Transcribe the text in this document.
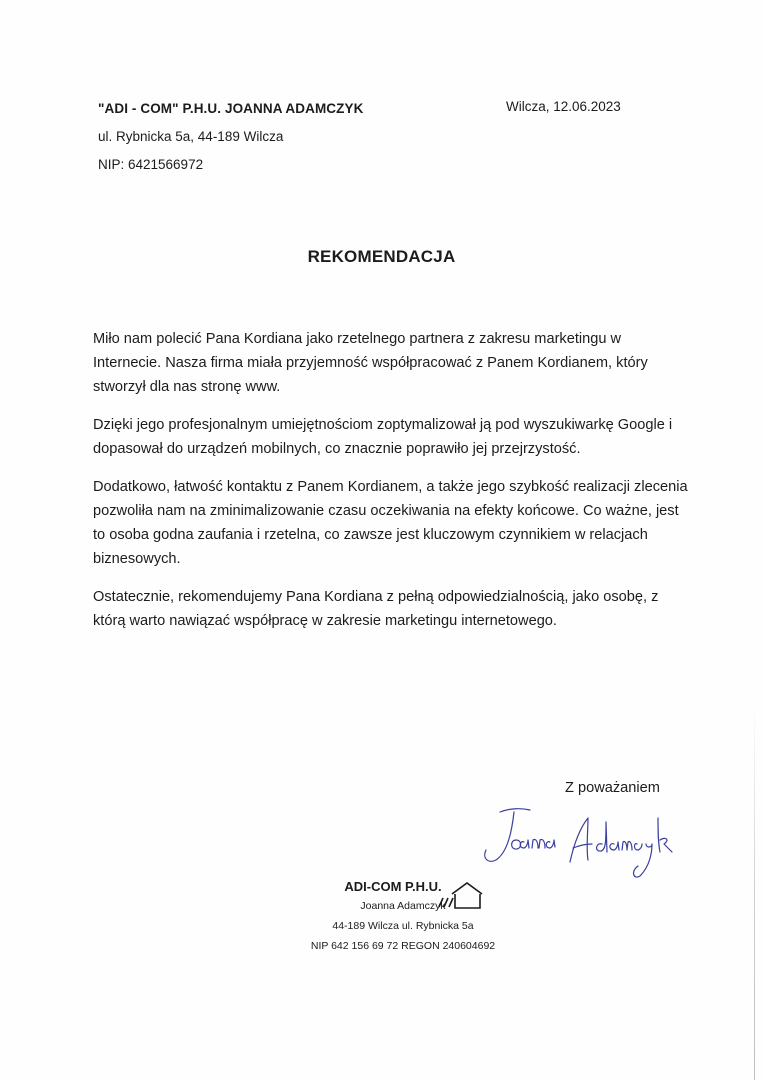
"ADI - COM" P.H.U. JOANNA ADAMCZYK
ul. Rybnicka 5a, 44-189 Wilcza
NIP: 6421566972
Wilcza, 12.06.2023
REKOMENDACJA

Miło nam polecić Pana Kordiana jako rzetelnego partnera z zakresu marketingu w Internecie. Nasza firma miała przyjemność współpracować z Panem Kordianem, który stworzył dla nas stronę www.

Dzięki jego profesjonalnym umiejętnościom zoptymalizował ją pod wyszukiwarkę Google i dopasował do urządzeń mobilnych, co znacznie poprawiło jej przejrzystość.

Dodatkowo, łatwość kontaktu z Panem Kordianem, a także jego szybkość realizacji zlecenia pozwoliła nam na zminimalizowanie czasu oczekiwania na efekty końcowe. Co ważne, jest to osoba godna zaufania i rzetelna, co zawsze jest kluczowym czynnikiem w relacjach biznesowych.

Ostatecznie, rekomendujemy Pana Kordiana z pełną odpowiedzialnością, jako osobę, z którą warto nawiązać współpracę w zakresie marketingu internetowego.

Z poważaniem
ADI-COM P.H.U.
Joanna Adamczyk
44-189 Wilcza ul. Rybnicka 5a
NIP 642 156 69 72 REGON 240604692
